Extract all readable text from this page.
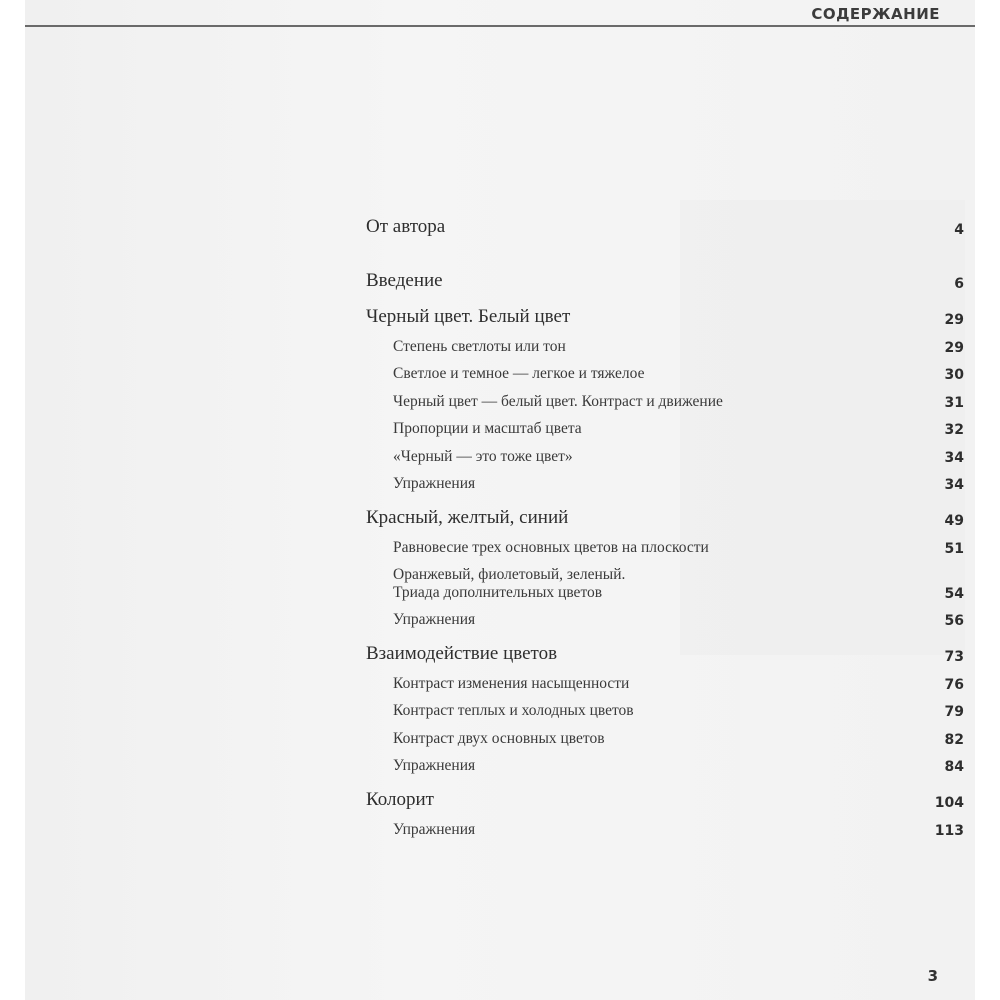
СОДЕРЖАНИЕ
От автора	4
Введение	6
Черный цвет. Белый цвет	29
Степень светлоты или тон	29
Светлое и темное — легкое и тяжелое	30
Черный цвет — белый цвет. Контраст и движение	31
Пропорции и масштаб цвета	32
«Черный — это тоже цвет»	34
Упражнения	34
Красный, желтый, синий	49
Равновесие трех основных цветов на плоскости	51
Оранжевый, фиолетовый, зеленый.
Триада дополнительных цветов	54
Упражнения	56
Взаимодействие цветов	73
Контраст изменения насыщенности	76
Контраст теплых и холодных цветов	79
Контраст двух основных цветов	82
Упражнения	84
Колорит	104
Упражнения	113
3
